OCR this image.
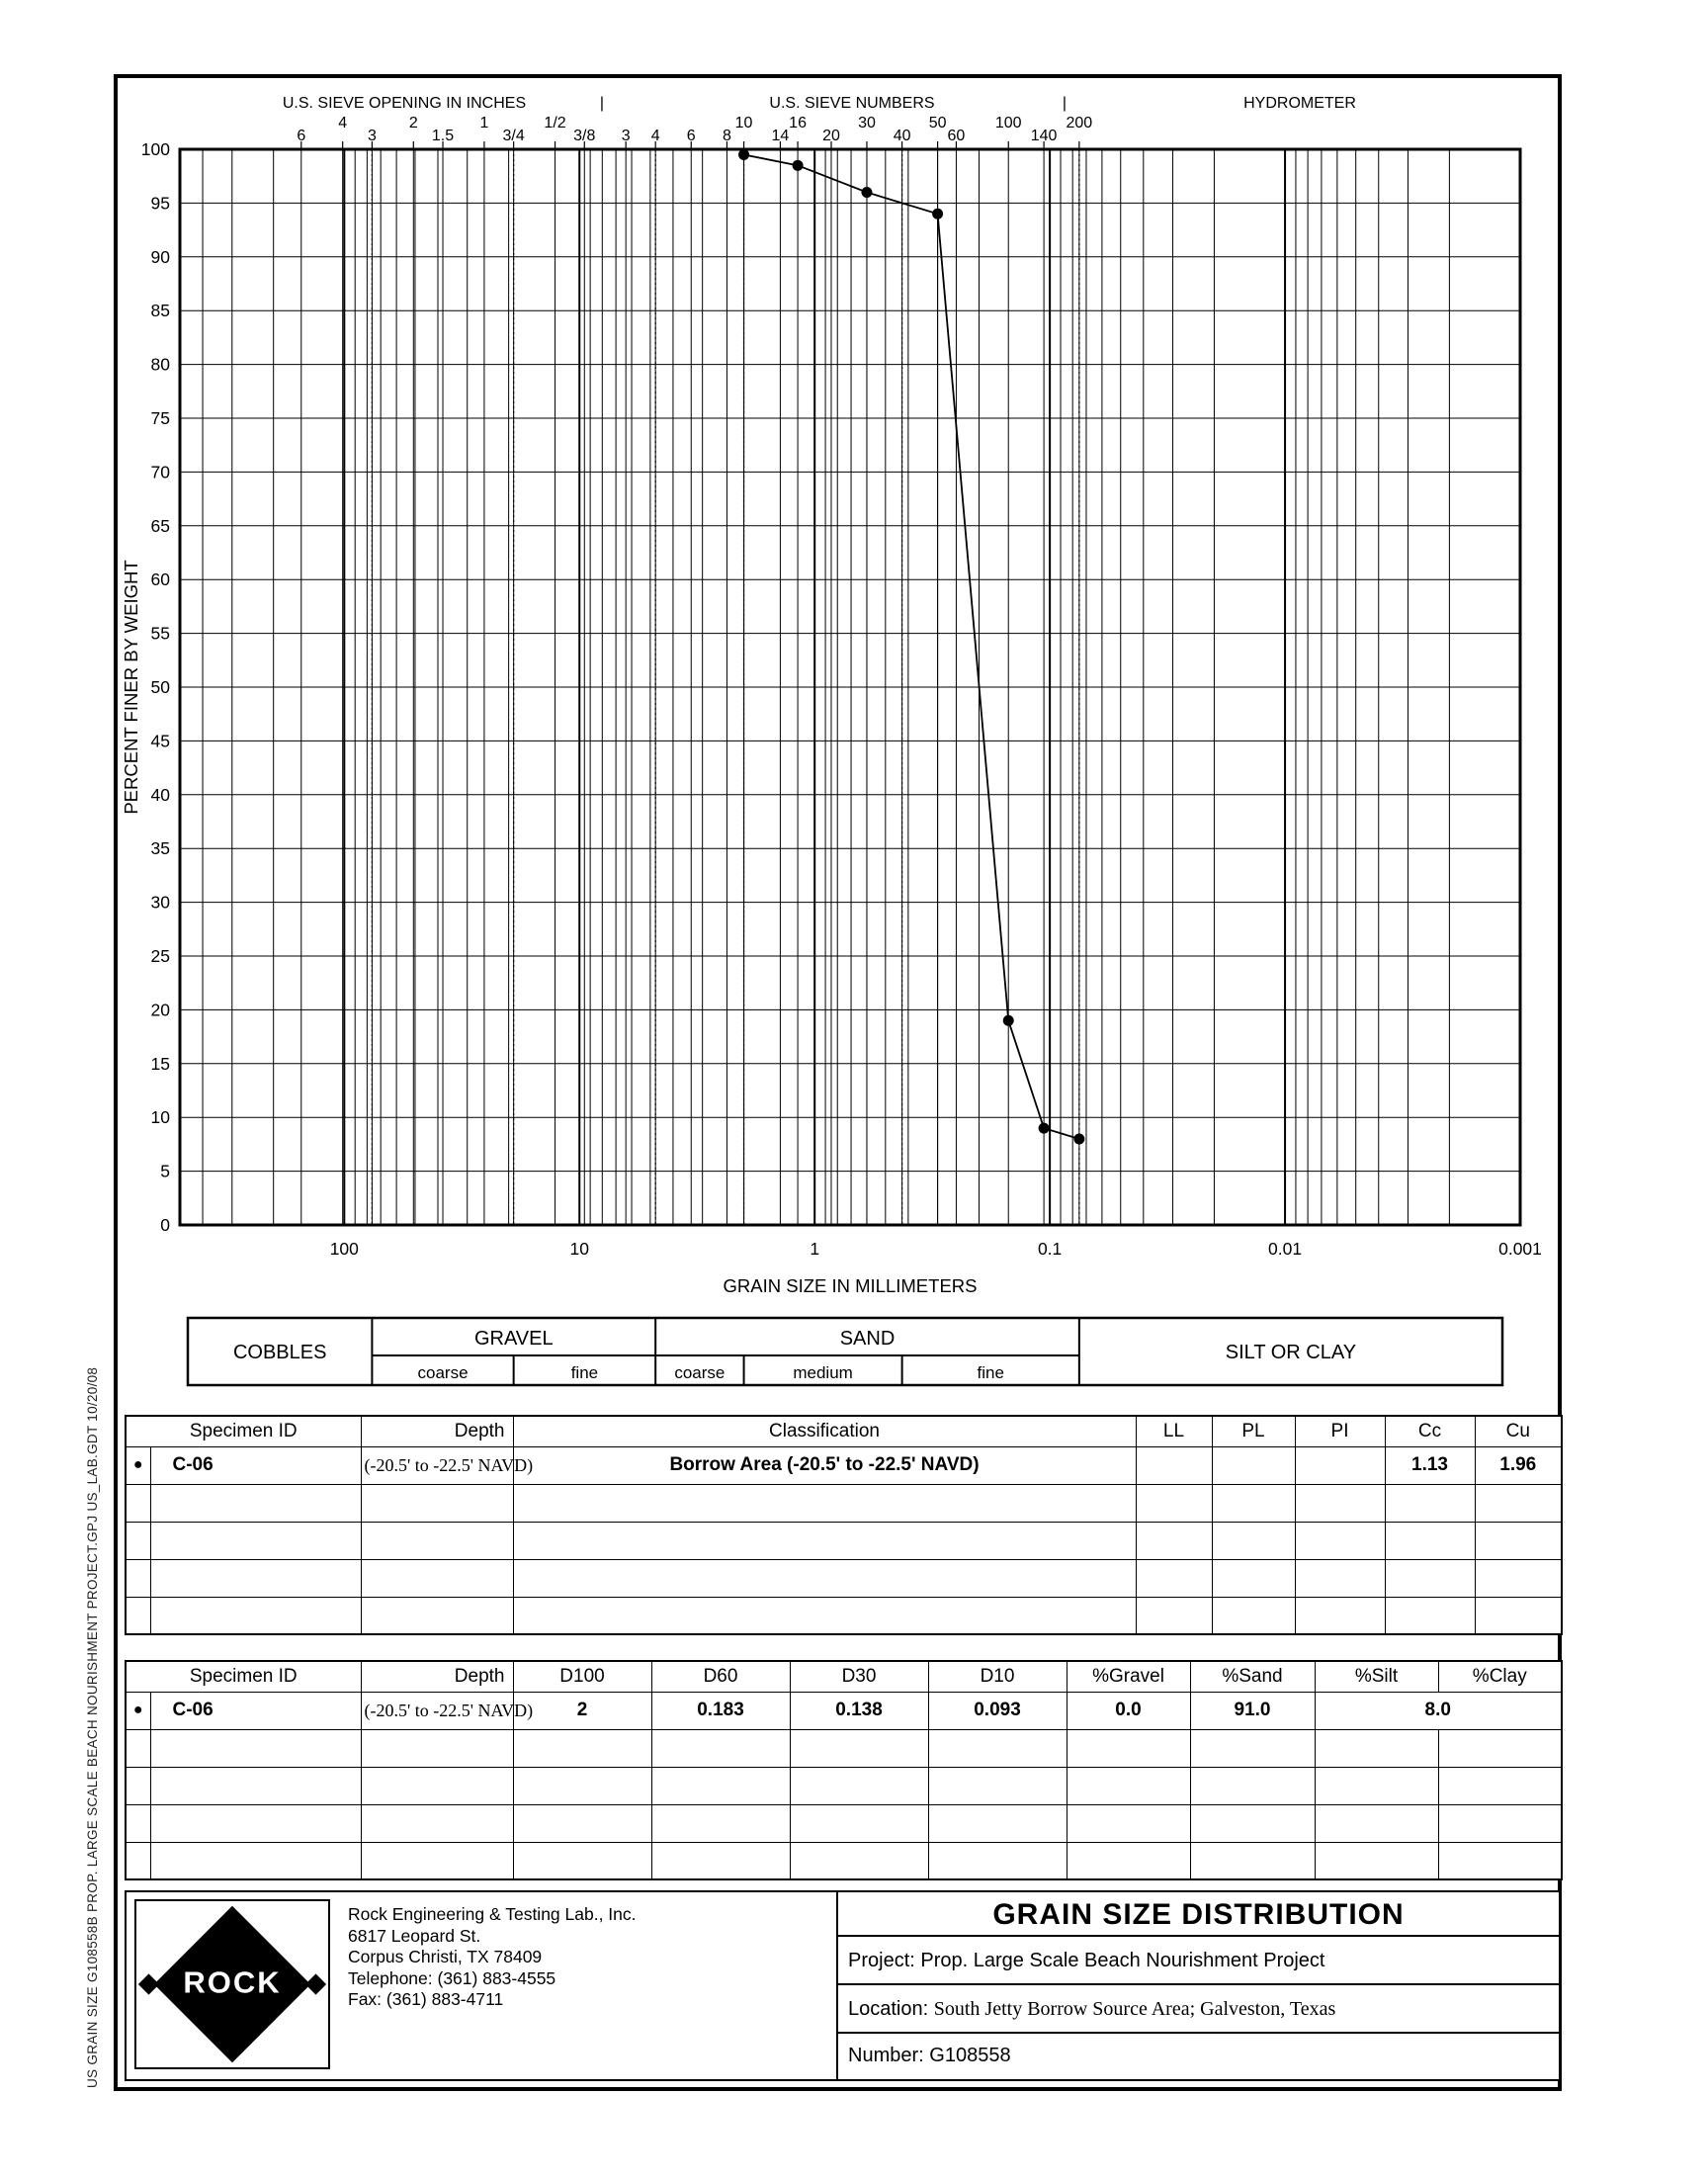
6
4
3
2
1.5
1
3/4
1/2
3/8 3 4 6 8
10
14
16
20
30
40
50
60
100
140
200
U.S. SIEVE OPENING IN INCHES	U.S. SIEVE NUMBERS	HYDROMETER
|	|
100
95
90
85
80
75
70
65
60
55
50
45
40
35
30
25
20
15
10
5
0
100	10	1	0.1	0.01	0.001
GRAIN SIZE IN MILLIMETERS
PERCENT FINER BY WEIGHT
COBBLES
GRAVEL	SAND
SILT OR CLAY
coarse	fine	coarse	medium	fine
Specimen ID		Depth	Classification	LL	PL	PI	Cc	Cu
●	C-06	(-20.5' to -22.5' NAVD)	Borrow Area (-20.5' to -22.5' NAVD)				1.13	1.96

Specimen ID		Depth	D100	D60	D30	D10	%Gravel	%Sand	%Silt	%Clay
●	C-06	(-20.5' to -22.5' NAVD)	2	0.183	0.138	0.093	0.0	91.0	8.0	

ROCK
Rock Engineering & Testing Lab., Inc.
6817 Leopard St.
Corpus Christi, TX 78409
Telephone: (361) 883-4555
Fax: (361) 883-4711
GRAIN SIZE DISTRIBUTION
Project: Prop. Large Scale Beach Nourishment Project
Location: South Jetty Borrow Source Area; Galveston, Texas
Number: G108558
US GRAIN SIZE G108558B PROP. LARGE SCALE BEACH NOURISHMENT PROJECT.GPJ US_LAB.GDT 10/20/08
